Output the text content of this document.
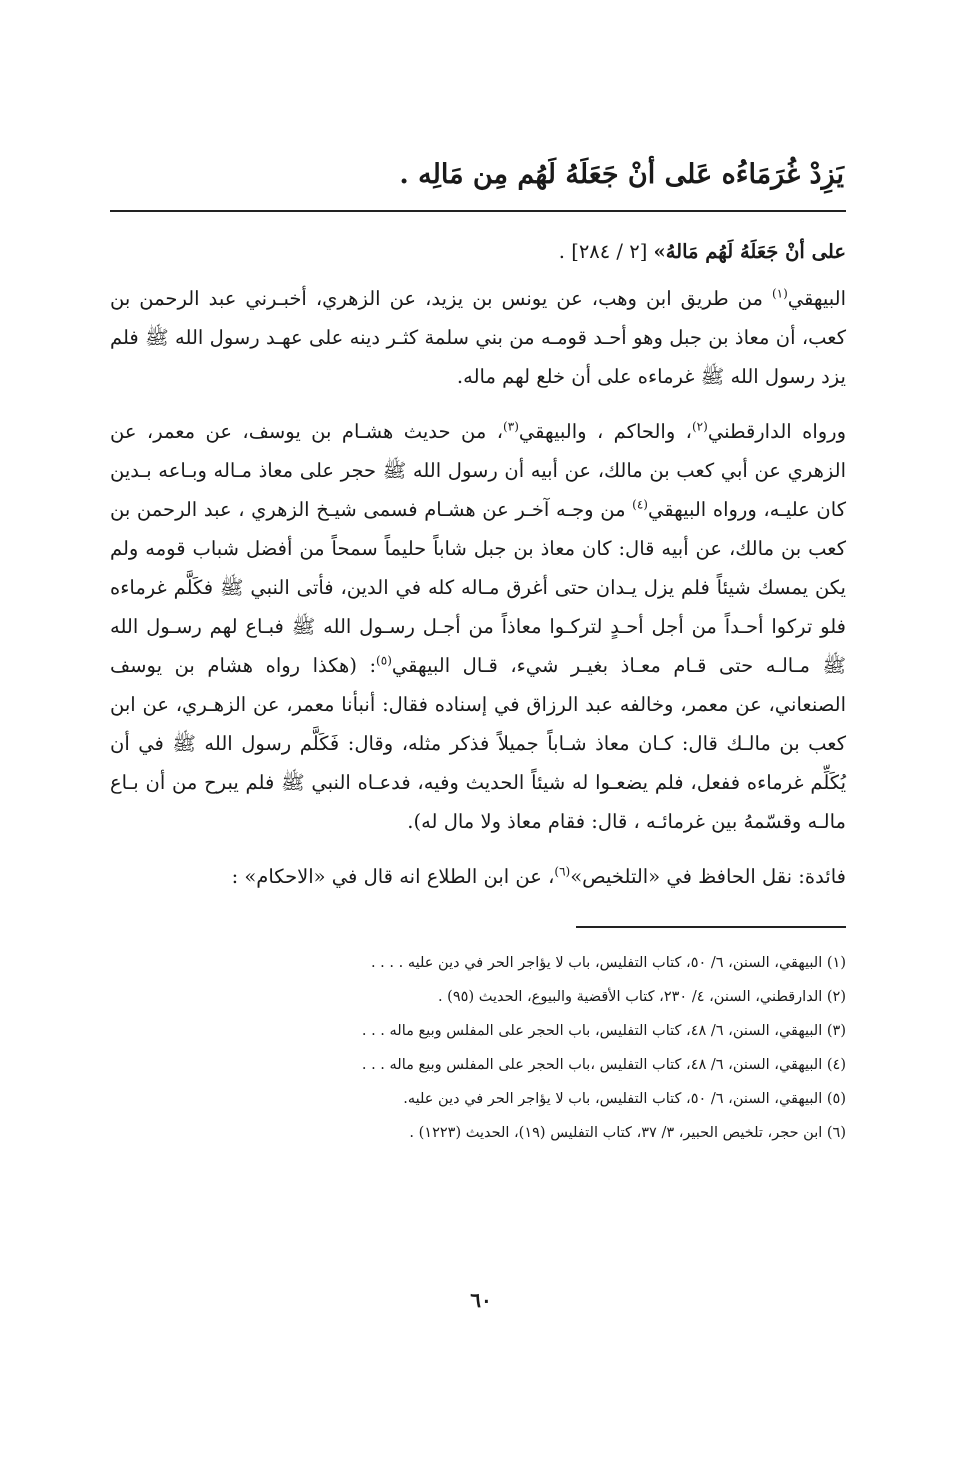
يَزِدْ غُرَمَاءُه عَلى أنْ جَعَلَهُ لَهُم مِن مَالِه .

على أنْ جَعَلَهُ لَهُم مَالهُ» [٢ / ٢٨٤] .

البيهقي$^{(١)}$ من طريق ابن وهب، عن يونس بن يزيد، عن الزهري، أخبـرني عبد الرحمن بن كعب، أن معاذ بن جبل وهو أحـد قومـه من بني سلمة كثـر دينه على عهـد رسول الله ﷺ فلم يزد رسول الله ﷺ غرماءه على أن خلع لهم ماله.

ورواه الدارقطني$^{(٢)}$، والحاكم ، والبيهقي$^{(٣)}$، من حديث هشـام بن يوسف، عن معمر، عن الزهري عن أبي كعب بن مالك، عن أبيه أن رسول الله ﷺ حجر على معاذ مـاله وبـاعه بـدين كان عليـه، ورواه البيهقي$^{(٤)}$ من وجـه آخـر عن هشـام فسمى شيـخ الزهري ، عبد الرحمن بن كعب بن مالك، عن أبيه قال: كان معاذ بن جبل شاباً حليماً سمحاً من أفضل شباب قومه ولم يكن يمسك شيئاً فلم يزل يـدان حتى أغرق مـاله كله في الدين، فأتى النبي ﷺ فكَلَّم غرماءه فلو تركوا أحـداً من أجل أحـدٍ لتركـوا معاذاً من أجـل رسـول الله ﷺ فبـاع لهم رسـول الله ﷺ مـالـه حتى قـام معـاذ بغيـر شيء، قـال البيهقي$^{(٥)}$: (هكذا رواه هشام بن يوسف الصنعاني، عن معمر، وخالفه عبد الرزاق في إسناده فقال: أنبأنا معمر، عن الزهـري، عن ابن كعب بن مالـك قال: كـان معاذ شـاباً جميلاً فذكر مثله، وقال: فَكَلَّم رسول الله ﷺ في أن يُكَلِّم غرماءه ففعل، فلم يضعـوا له شيئاً الحديث وفيه، فدعـاه النبي ﷺ فلم يبرح من أن بـاع مالـه وقسّمهُ بين غرمائـه ، قال: فقام معاذ ولا مال له).

فائدة: نقل الحافظ في «التلخيص»$^{(٦)}$، عن ابن الطلاع انه قال في «الاحكام» :

(١) البيهقي، السنن، ٦/ ٥٠، كتاب التفليس، باب لا يؤاجر الحر في دين عليه . . . .
(٢) الدارقطني، السنن، ٤/ ٢٣٠، كتاب الأقضية والبيوع، الحديث (٩٥) .
(٣) البيهقي، السنن، ٦/ ٤٨، كتاب التفليس، باب الحجر على المفلس وبيع ماله . . .
(٤) البيهقي، السنن، ٦/ ٤٨، كتاب التفليس ،باب الحجر على المفلس وبيع ماله . . .
(٥) البيهقي، السنن، ٦/ ٥٠، كتاب التفليس، باب لا يؤاجر الحر في دين عليه.
(٦) ابن حجر، تلخيص الحبير، ٣/ ٣٧، كتاب التفليس (١٩)، الحديث (١٢٢٣) .
٦٠
